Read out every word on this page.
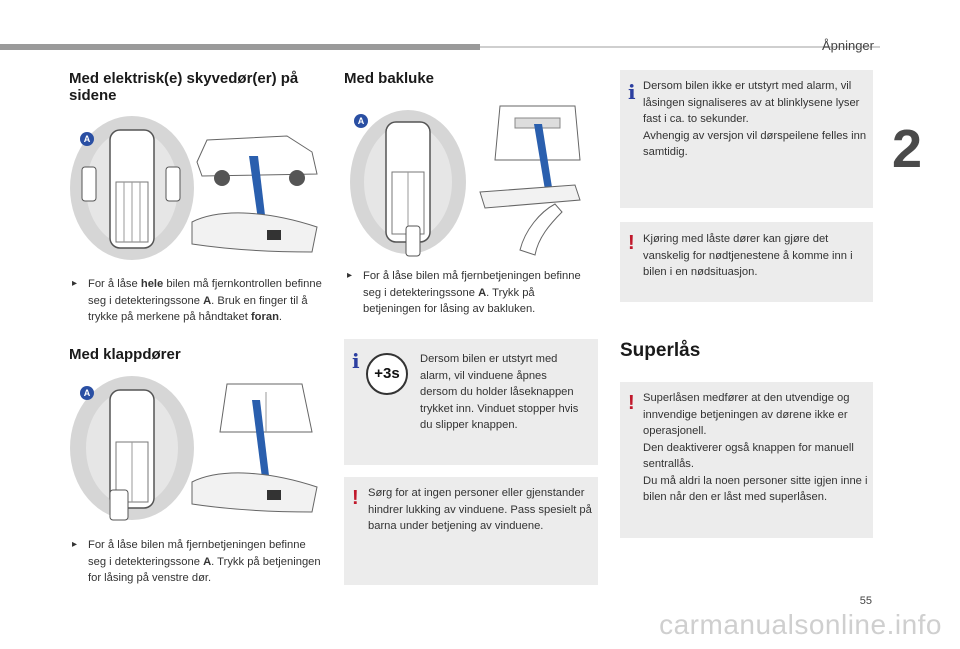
Åpninger
2
Med elektrisk(e) skyvedør(er) på sidene
A
▸ For å låse hele bilen må fjernkontrollen befinne seg i detekteringssone A. Bruk en finger til å trykke på merkene på håndtaket foran.
Med klappdører
A
▸ For å låse bilen må fjernbetjeningen befinne seg i detekteringssone A. Trykk på betjeningen for låsing på venstre dør.
Med bakluke
A
▸ For å låse bilen må fjernbetjeningen befinne seg i detekteringssone A. Trykk på betjeningen for låsing av bakluken.
i
+3s
Dersom bilen er utstyrt med alarm, vil vinduene åpnes dersom du holder låseknappen trykket inn. Vinduet stopper hvis du slipper knappen.
! Sørg for at ingen personer eller gjenstander hindrer lukking av vinduene. Pass spesielt på barna under betjening av vinduene.
i Dersom bilen ikke er utstyrt med alarm, vil låsingen signaliseres av at blinklysene lyser fast i ca. to sekunder.
Avhengig av versjon vil dørspeilene felles inn samtidig.
! Kjøring med låste dører kan gjøre det vanskelig for nødtjenestene å komme inn i bilen i en nødsituasjon.
Superlås
! Superlåsen medfører at den utvendige og innvendige betjeningen av dørene ikke er operasjonell.
Den deaktiverer også knappen for manuell sentrallås.
Du må aldri la noen personer sitte igjen inne i bilen når den er låst med superlåsen.
55
carmanualsonline.info
